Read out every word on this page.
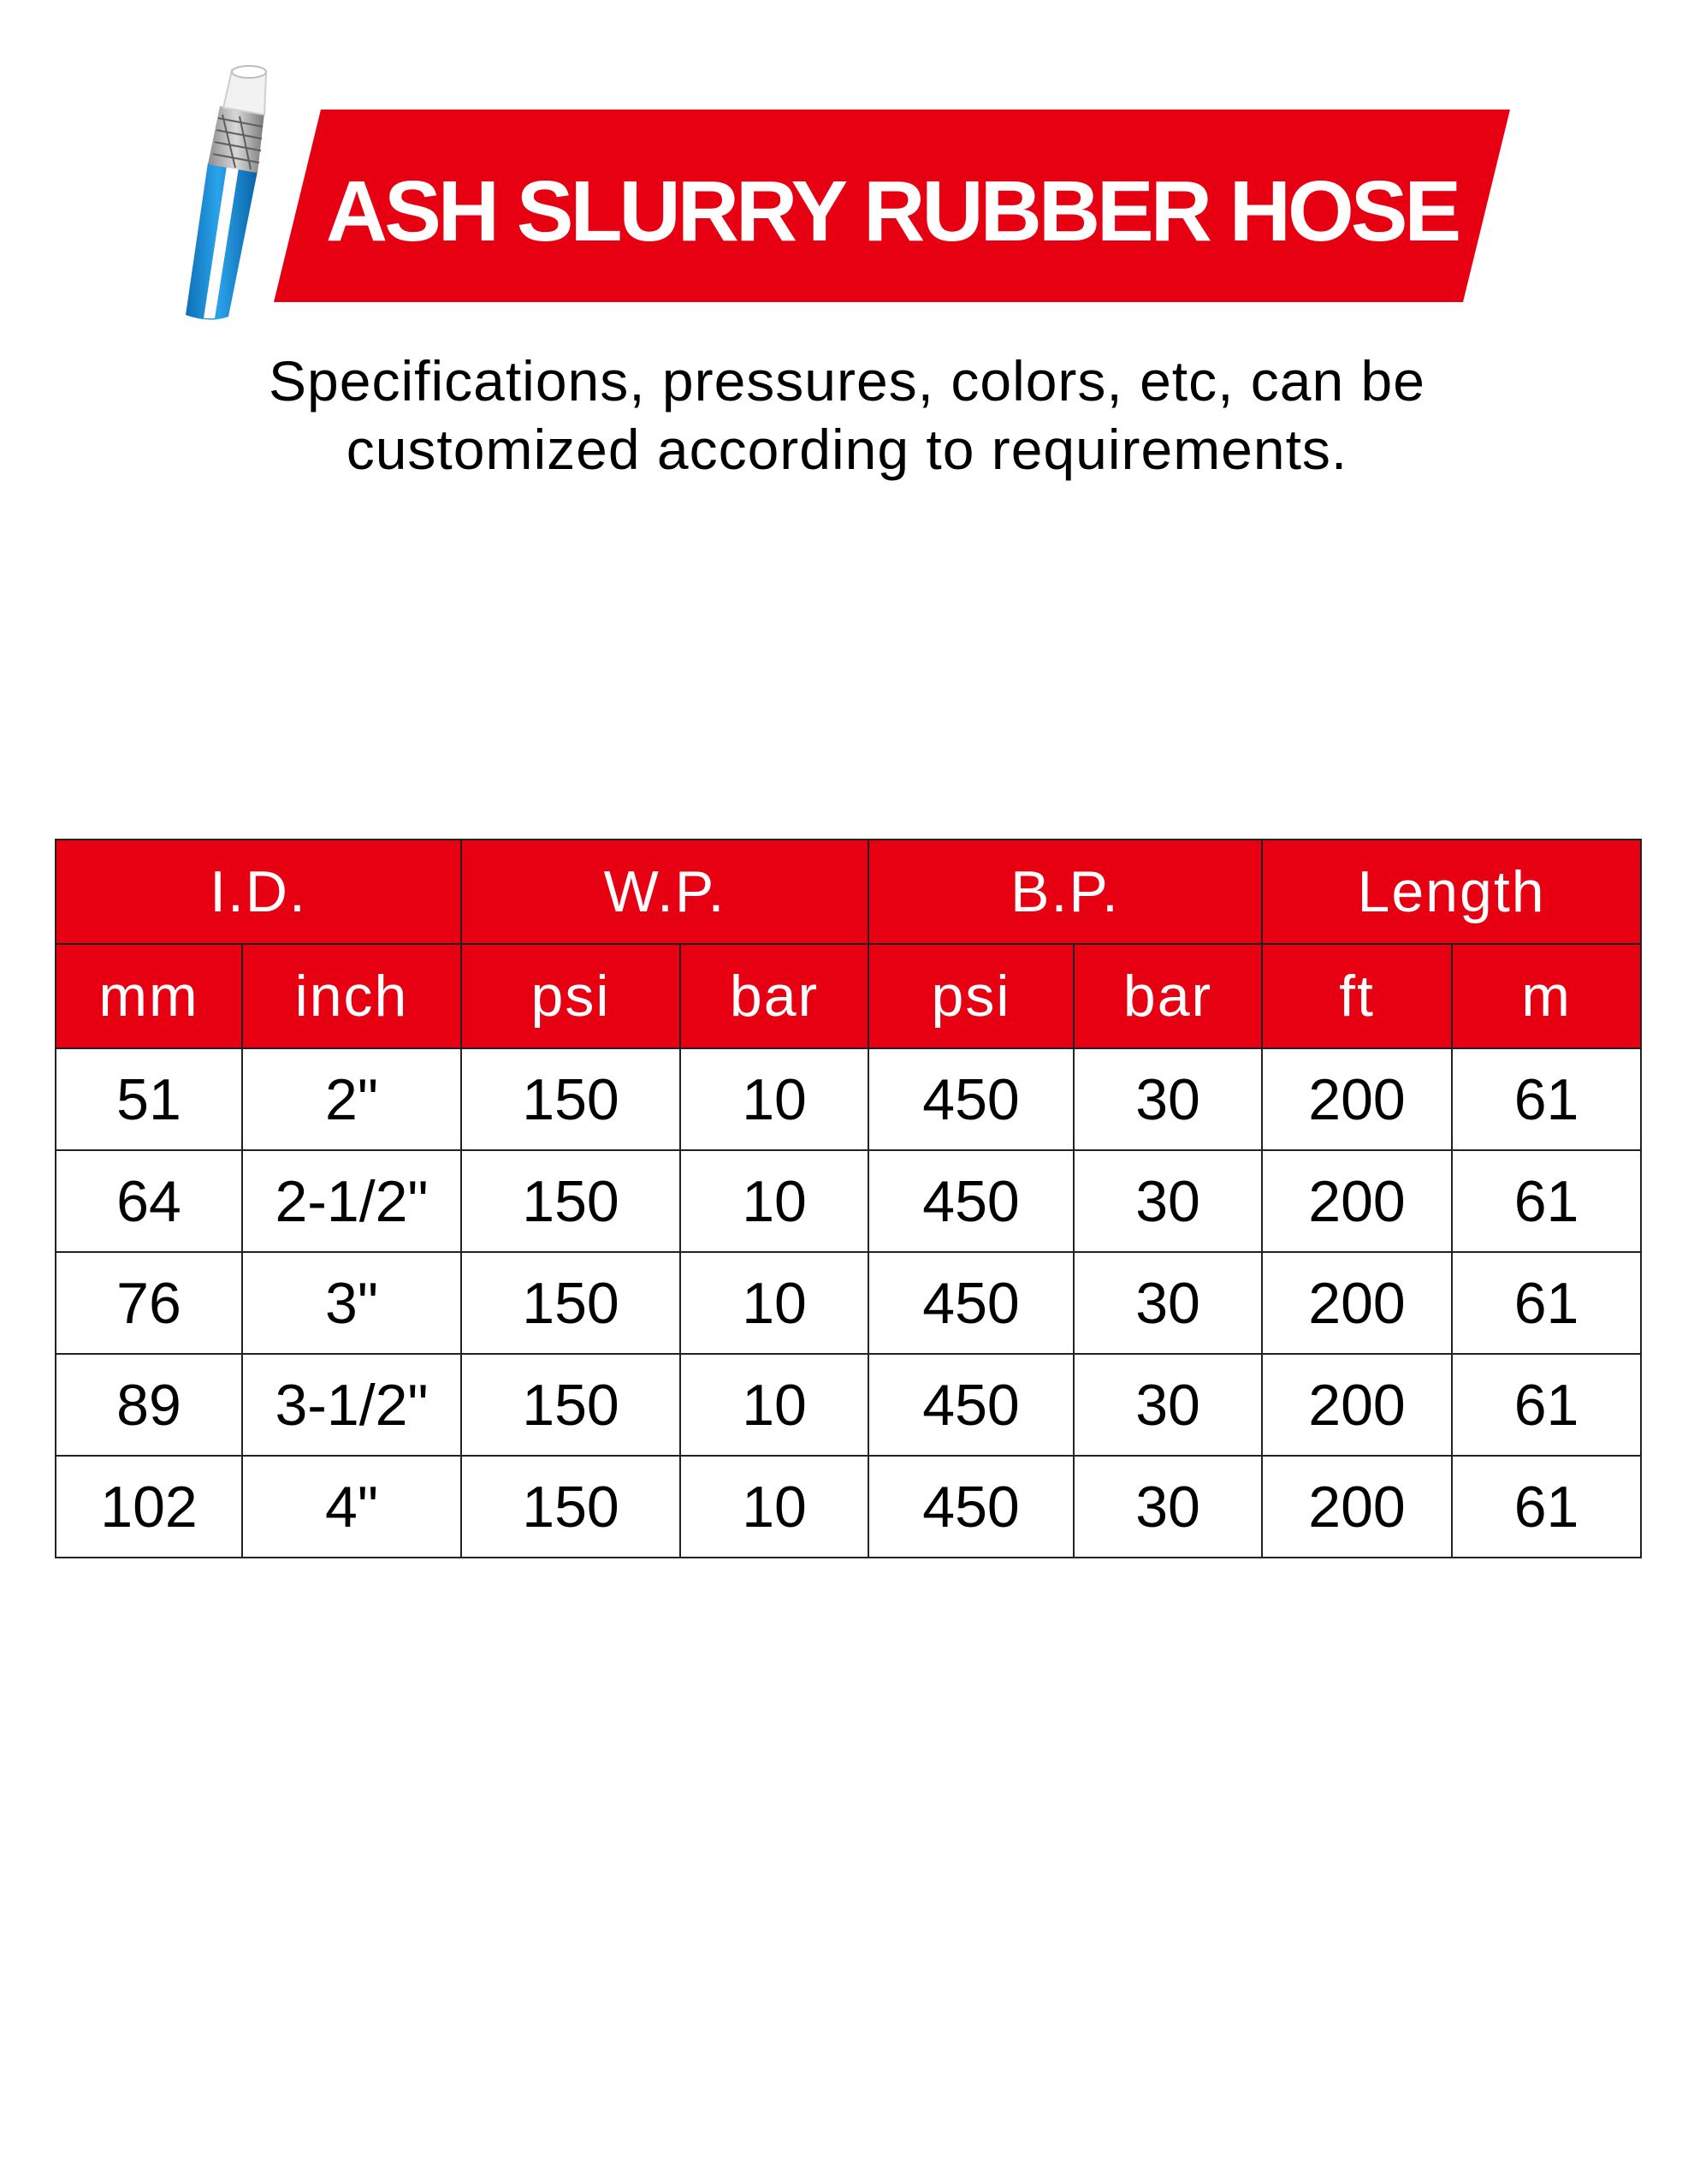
ASH SLURRY RUBBER HOSE
Specifications, pressures, colors, etc, can be
customized according to requirements.
I.D.		W.P.		B.P.		Length	
mm	inch	psi	bar	psi	bar	ft	m
51	2"	150	10	450	30	200	61
64	2-1/2"	150	10	450	30	200	61
76	3"	150	10	450	30	200	61
89	3-1/2"	150	10	450	30	200	61
102	4"	150	10	450	30	200	61
